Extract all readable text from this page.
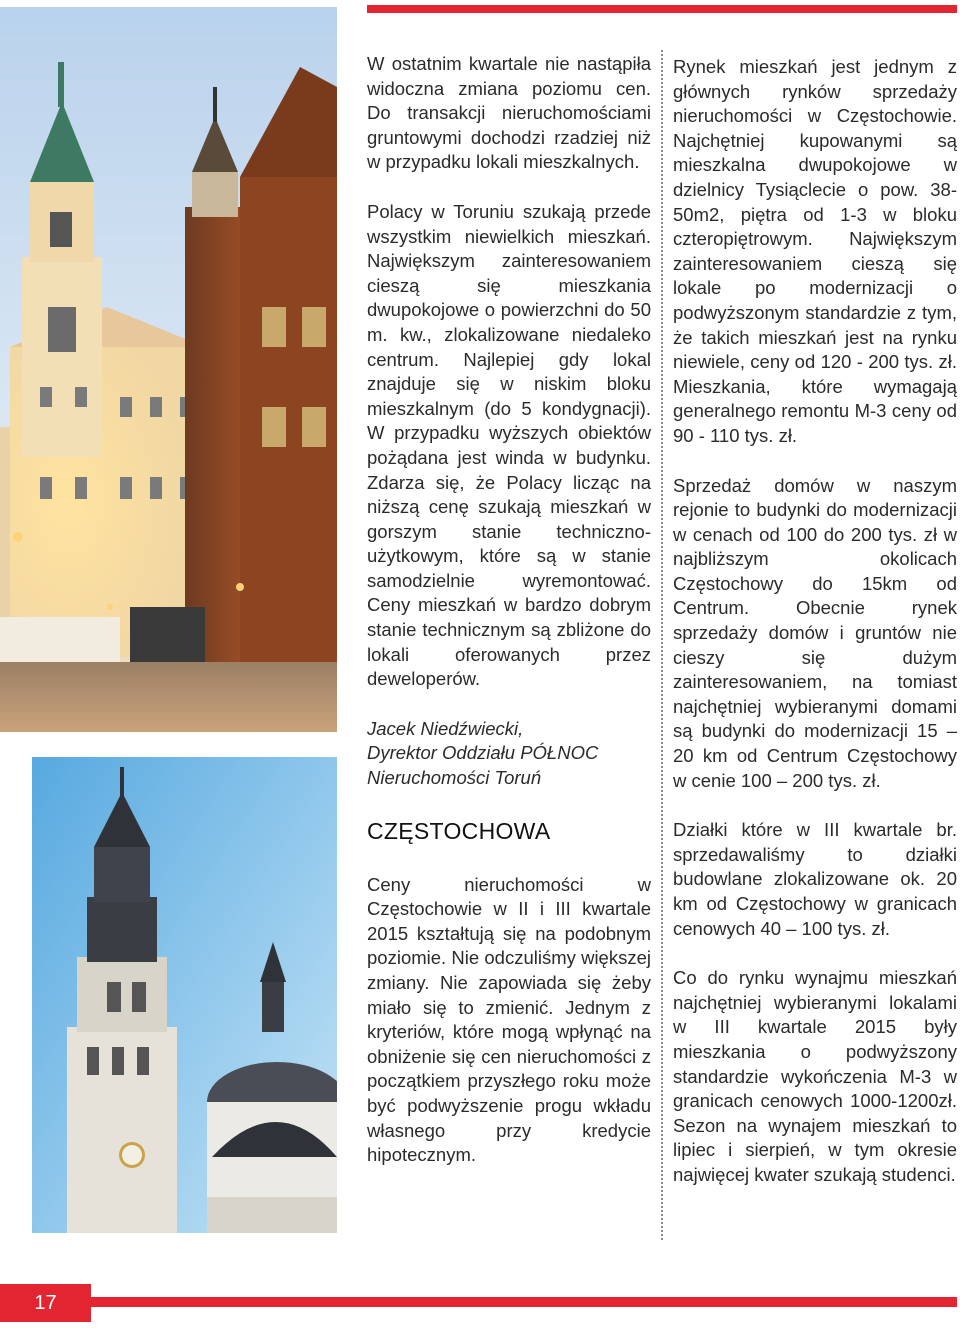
W ostatnim kwartale nie nastąpiła widoczna zmiana poziomu cen. Do transakcji nieruchomościami gruntowymi dochodzi rzadziej niż w przypadku lokali mieszkalnych.

Polacy w Toruniu szukają przede wszystkim niewielkich mieszkań. Największym zainteresowaniem cieszą się mieszkania dwupokojowe o powierzchni do 50 m. kw., zlokalizowane niedaleko centrum. Najlepiej gdy lokal znajduje się w niskim bloku mieszkalnym (do 5 kondygnacji). W przypadku wyższych obiektów pożądana jest winda w budynku. Zdarza się, że Polacy licząc na niższą cenę szukają mieszkań w gorszym stanie techniczno-użytkowym, które są w stanie samodzielnie wyremontować. Ceny mieszkań w bardzo dobrym stanie technicznym są zbliżone do lokali oferowanych przez deweloperów.

Jacek Niedźwiecki,
Dyrektor Oddziału PÓŁNOC
Nieruchomości Toruń
CZĘSTOCHOWA

Ceny nieruchomości w Częstochowie w II i III kwartale 2015 kształtują się na podobnym poziomie. Nie odczuliśmy większej zmiany. Nie zapowiada się żeby miało się to zmienić. Jednym z kryteriów, które mogą wpłynąć na obniżenie się cen nieruchomości z początkiem przyszłego roku może być podwyższenie progu wkładu własnego przy kredycie hipotecznym.

Rynek mieszkań jest jednym z głównych rynków sprzedaży nieruchomości w Częstochowie. Najchętniej kupowanymi są mieszkalna dwupokojowe w dzielnicy Tysiąclecie o pow. 38-50m2, piętra od 1-3 w bloku czteropiętrowym. Największym zainteresowaniem cieszą się lokale po modernizacji o podwyższonym standardzie z tym, że takich mieszkań jest na rynku niewiele, ceny od 120 - 200 tys. zł. Mieszkania, które wymagają generalnego remontu M-3 ceny od 90 - 110 tys. zł.

Sprzedaż domów w naszym rejonie to budynki do modernizacji w cenach od 100 do 200 tys. zł w najbliższym okolicach Częstochowy do 15km od Centrum. Obecnie rynek sprzedaży domów i gruntów nie cieszy się dużym zainteresowaniem, na tomiast najchętniej wybieranymi domami są budynki do modernizacji 15 – 20 km od Centrum Częstochowy w cenie 100 – 200 tys. zł.

Działki które w III kwartale br. sprzedawaliśmy to działki budowlane zlokalizowane ok. 20 km od Częstochowy w granicach cenowych 40 – 100 tys. zł.

Co do rynku wynajmu mieszkań najchętniej wybieranymi lokalami w III kwartale 2015 były mieszkania o podwyższony standardzie wykończenia M-3 w granicach cenowych 1000-1200zł. Sezon na wynajem mieszkań to lipiec i sierpień, w tym okresie najwięcej kwater szukają studenci.

17
